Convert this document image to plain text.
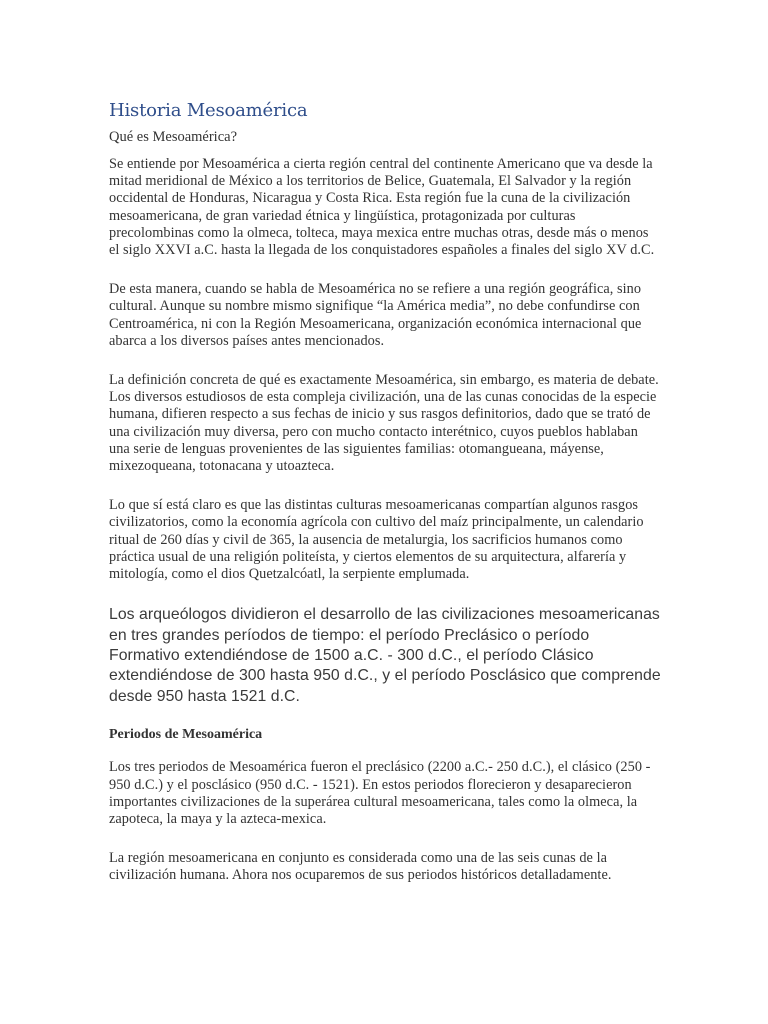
Historia Mesoamérica
Qué es Mesoamérica?

Se entiende por Mesoamérica a cierta región central del continente Americano que va desde la mitad meridional de México a los territorios de Belice, Guatemala, El Salvador y la región occidental de Honduras, Nicaragua y Costa Rica. Esta región fue la cuna de la civilización mesoamericana, de gran variedad étnica y lingüística, protagonizada por culturas precolombinas como la olmeca, tolteca, maya mexica entre muchas otras, desde más o menos el siglo XXVI a.C. hasta la llegada de los conquistadores españoles a finales del siglo XV d.C.

De esta manera, cuando se habla de Mesoamérica no se refiere a una región geográfica, sino cultural. Aunque su nombre mismo signifique “la América media”, no debe confundirse con Centroamérica, ni con la Región Mesoamericana, organización económica internacional que abarca a los diversos países antes mencionados.

La definición concreta de qué es exactamente Mesoamérica, sin embargo, es materia de debate. Los diversos estudiosos de esta compleja civilización, una de las cunas conocidas de la especie humana, difieren respecto a sus fechas de inicio y sus rasgos definitorios, dado que se trató de una civilización muy diversa, pero con mucho contacto interétnico, cuyos pueblos hablaban una serie de lenguas provenientes de las siguientes familias: otomangueana, máyense, mixezoqueana, totonacana y utoazteca.

Lo que sí está claro es que las distintas culturas mesoamericanas compartían algunos rasgos civilizatorios, como la economía agrícola con cultivo del maíz principalmente, un calendario ritual de 260 días y civil de 365, la ausencia de metalurgia, los sacrificios humanos como práctica usual de una religión politeísta, y ciertos elementos de su arquitectura, alfarería y mitología, como el dios Quetzalcóatl, la serpiente emplumada.

Los arqueólogos dividieron el desarrollo de las civilizaciones mesoamericanas en tres grandes períodos de tiempo: el período Preclásico o período Formativo extendiéndose de 1500 a.C. - 300 d.C., el período Clásico extendiéndose de 300 hasta 950 d.C., y el período Posclásico que comprende desde 950 hasta 1521 d.C.

Periodos de Mesoamérica

Los tres periodos de Mesoamérica fueron el preclásico (2200 a.C.- 250 d.C.), el clásico (250 - 950 d.C.) y el posclásico (950 d.C. - 1521). En estos periodos florecieron y desaparecieron importantes civilizaciones de la superárea cultural mesoamericana, tales como la olmeca, la zapoteca, la maya y la azteca-mexica.

La región mesoamericana en conjunto es considerada como una de las seis cunas de la civilización humana. Ahora nos ocuparemos de sus periodos históricos detalladamente.
